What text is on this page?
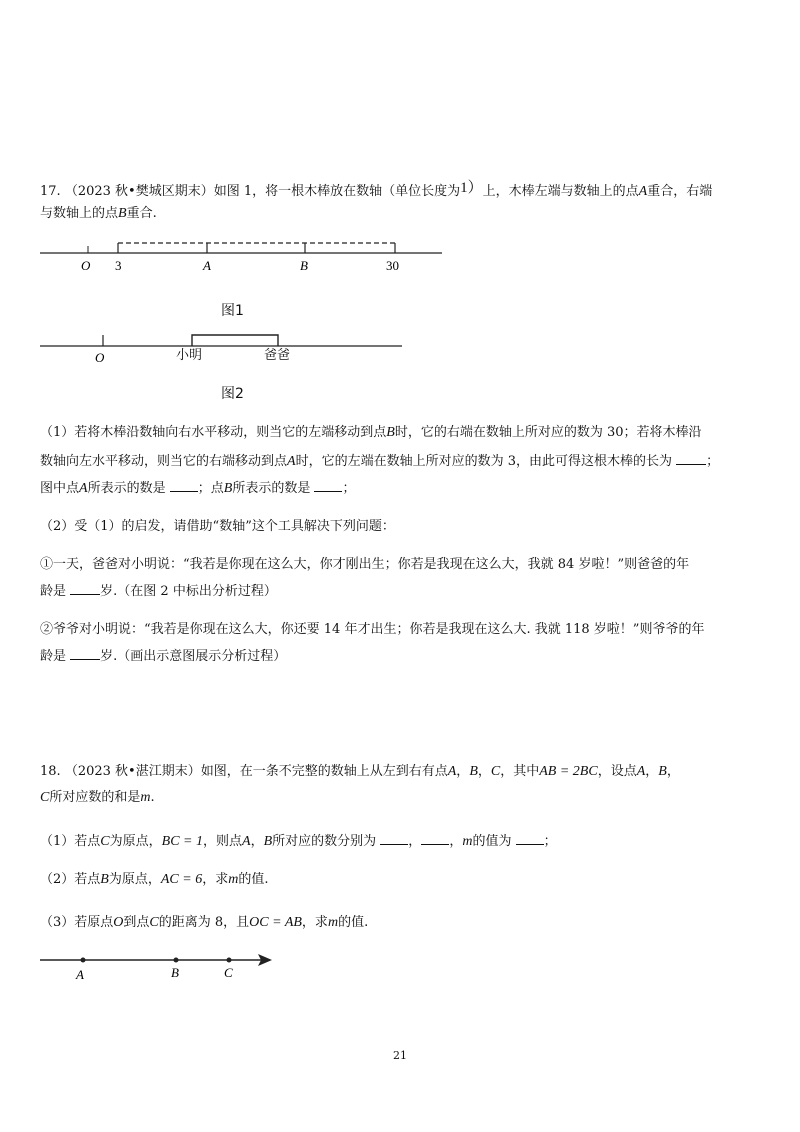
17. （2023 秋•樊城区期末）如图 1，将一根木棒放在数轴（单位长度为1）上，木棒左端与数轴上的点A重合，右端
与数轴上的点B重合.
O 3	A	B	30
图1
O	小明	爸爸
图2
（1）若将木棒沿数轴向右水平移动，则当它的左端移动到点B时，它的右端在数轴上所对应的数为 30；若将木棒沿
数轴向左水平移动，则当它的右端移动到点A时，它的左端在数轴上所对应的数为 3，由此可得这根木棒的长为	；
图中点A所表示的数是 ；点B所表示的数是 ；
（2）受（1）的启发，请借助“数轴”这个工具解决下列问题：
①一天，爸爸对小明说：“我若是你现在这么大，你才刚出生；你若是我现在这么大，我就 84 岁啦！”则爸爸的年
龄是	岁.（在图 2 中标出分析过程）
②爷爷对小明说：“我若是你现在这么大，你还要 14 年才出生；你若是我现在这么大. 我就 118 岁啦！”则爷爷的年
龄是	岁.（画出示意图展示分析过程）
18. （2023 秋•湛江期末）如图，在一条不完整的数轴上从左到右有点A，B，C，其中AB = 2BC，设点A，B，
C所对应数的和是m.
（1）若点C为原点，BC = 1，则点A，B所对应的数分别为 ， ，m的值为 ；
（2）若点B为原点，AC = 6，求m的值.
（3）若原点O到点C的距离为 8，且OC = AB，求m的值.
A	B	C
21
